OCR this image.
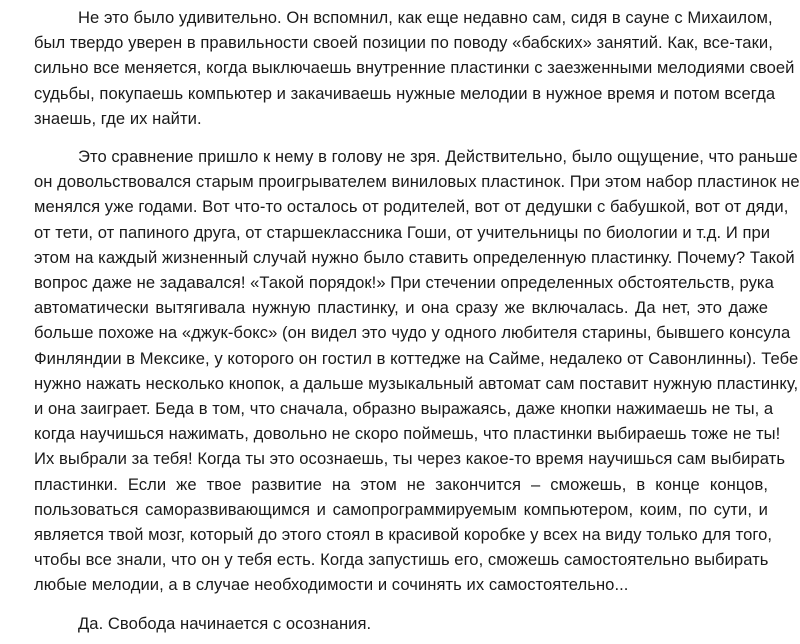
Не это было удивительно. Он вспомнил, как еще недавно сам, сидя в сауне с Михаилом,
был твердо уверен в правильности своей позиции по поводу «бабских» занятий. Как, все-таки,
сильно все меняется, когда выключаешь внутренние пластинки с заезженными мелодиями своей
судьбы, покупаешь компьютер и закачиваешь нужные мелодии в нужное время и потом всегда
знаешь, где их найти.
Это сравнение пришло к нему в голову не зря. Действительно, было ощущение, что раньше
он довольствовался старым проигрывателем виниловых пластинок. При этом набор пластинок не
менялся уже годами. Вот что-то осталось от родителей, вот от дедушки с бабушкой, вот от дяди,
от тети, от папиного друга, от старшеклассника Гоши, от учительницы по биологии и т.д. И при
этом на каждый жизненный случай нужно было ставить определенную пластинку. Почему? Такой
вопрос даже не задавался! «Такой порядок!» При стечении определенных обстоятельств, рука
автоматически вытягивала нужную пластинку, и она сразу же включалась. Да нет, это даже
больше похоже на «джук-бокс» (он видел это чудо у одного любителя старины, бывшего консула
Финляндии в Мексике, у которого он гостил в коттедже на Сайме, недалеко от Савонлинны). Тебе
нужно нажать несколько кнопок, а дальше музыкальный автомат сам поставит нужную пластинку,
и она заиграет. Беда в том, что сначала, образно выражаясь, даже кнопки нажимаешь не ты, а
когда научишься нажимать, довольно не скоро поймешь, что пластинки выбираешь тоже не ты!
Их выбрали за тебя! Когда ты это осознаешь, ты через какое-то время научишься сам выбирать
пластинки. Если же твое развитие на этом не закончится – сможешь, в конце концов,
пользоваться саморазвивающимся и самопрограммируемым компьютером, коим, по сути, и
является твой мозг, который до этого стоял в красивой коробке у всех на виду только для того,
чтобы все знали, что он у тебя есть. Когда запустишь его, сможешь самостоятельно выбирать
любые мелодии, а в случае необходимости и сочинять их самостоятельно...
Да. Свобода начинается с осознания.
